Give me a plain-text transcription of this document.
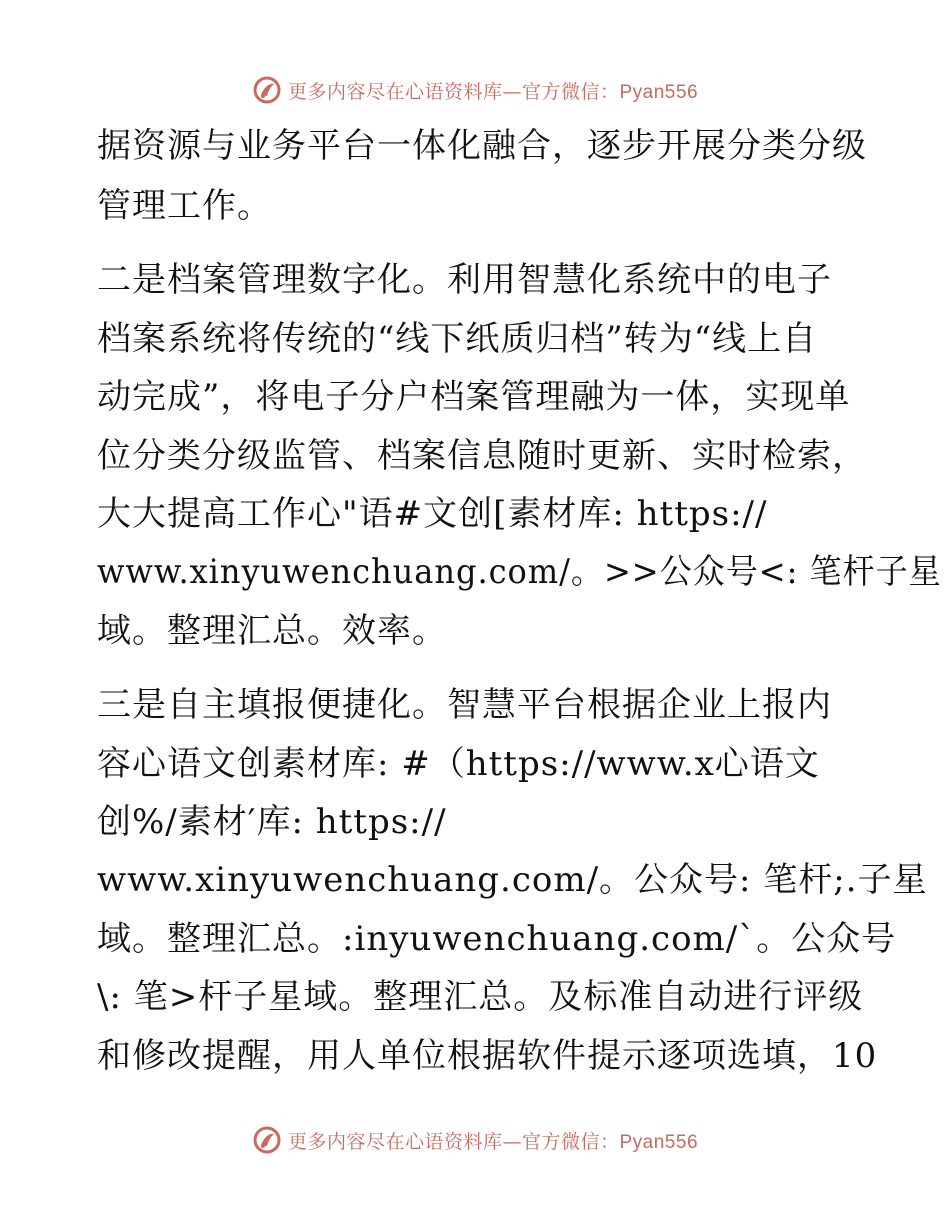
更多内容尽在心语资料库—官方微信：Pyan556
据资源与业务平台一体化融合，逐步开展分类分级
管理工作。
二是档案管理数字化。利用智慧化系统中的电子
档案系统将传统的“线下纸质归档”转为“线上自
动完成”，将电子分户档案管理融为一体，实现单
位分类分级监管、档案信息随时更新、实时检索，
大大提高工作心"语#文创[素材库: https://
www.xinyuwenchuang.com/。>>公众号<: 笔杆子星
域。整理汇总。效率。
三是自主填报便捷化。智慧平台根据企业上报内
容心语文创素材库: #（https://www.x心语文
创%/素材′库: https://
www.xinyuwenchuang.com/。公众号: 笔杆;.子星
域。整理汇总。:inyuwenchuang.com/`。公众号
\: 笔>杆子星域。整理汇总。及标准自动进行评级
和修改提醒，用人单位根据软件提示逐项选填，10
更多内容尽在心语资料库—官方微信：Pyan556
